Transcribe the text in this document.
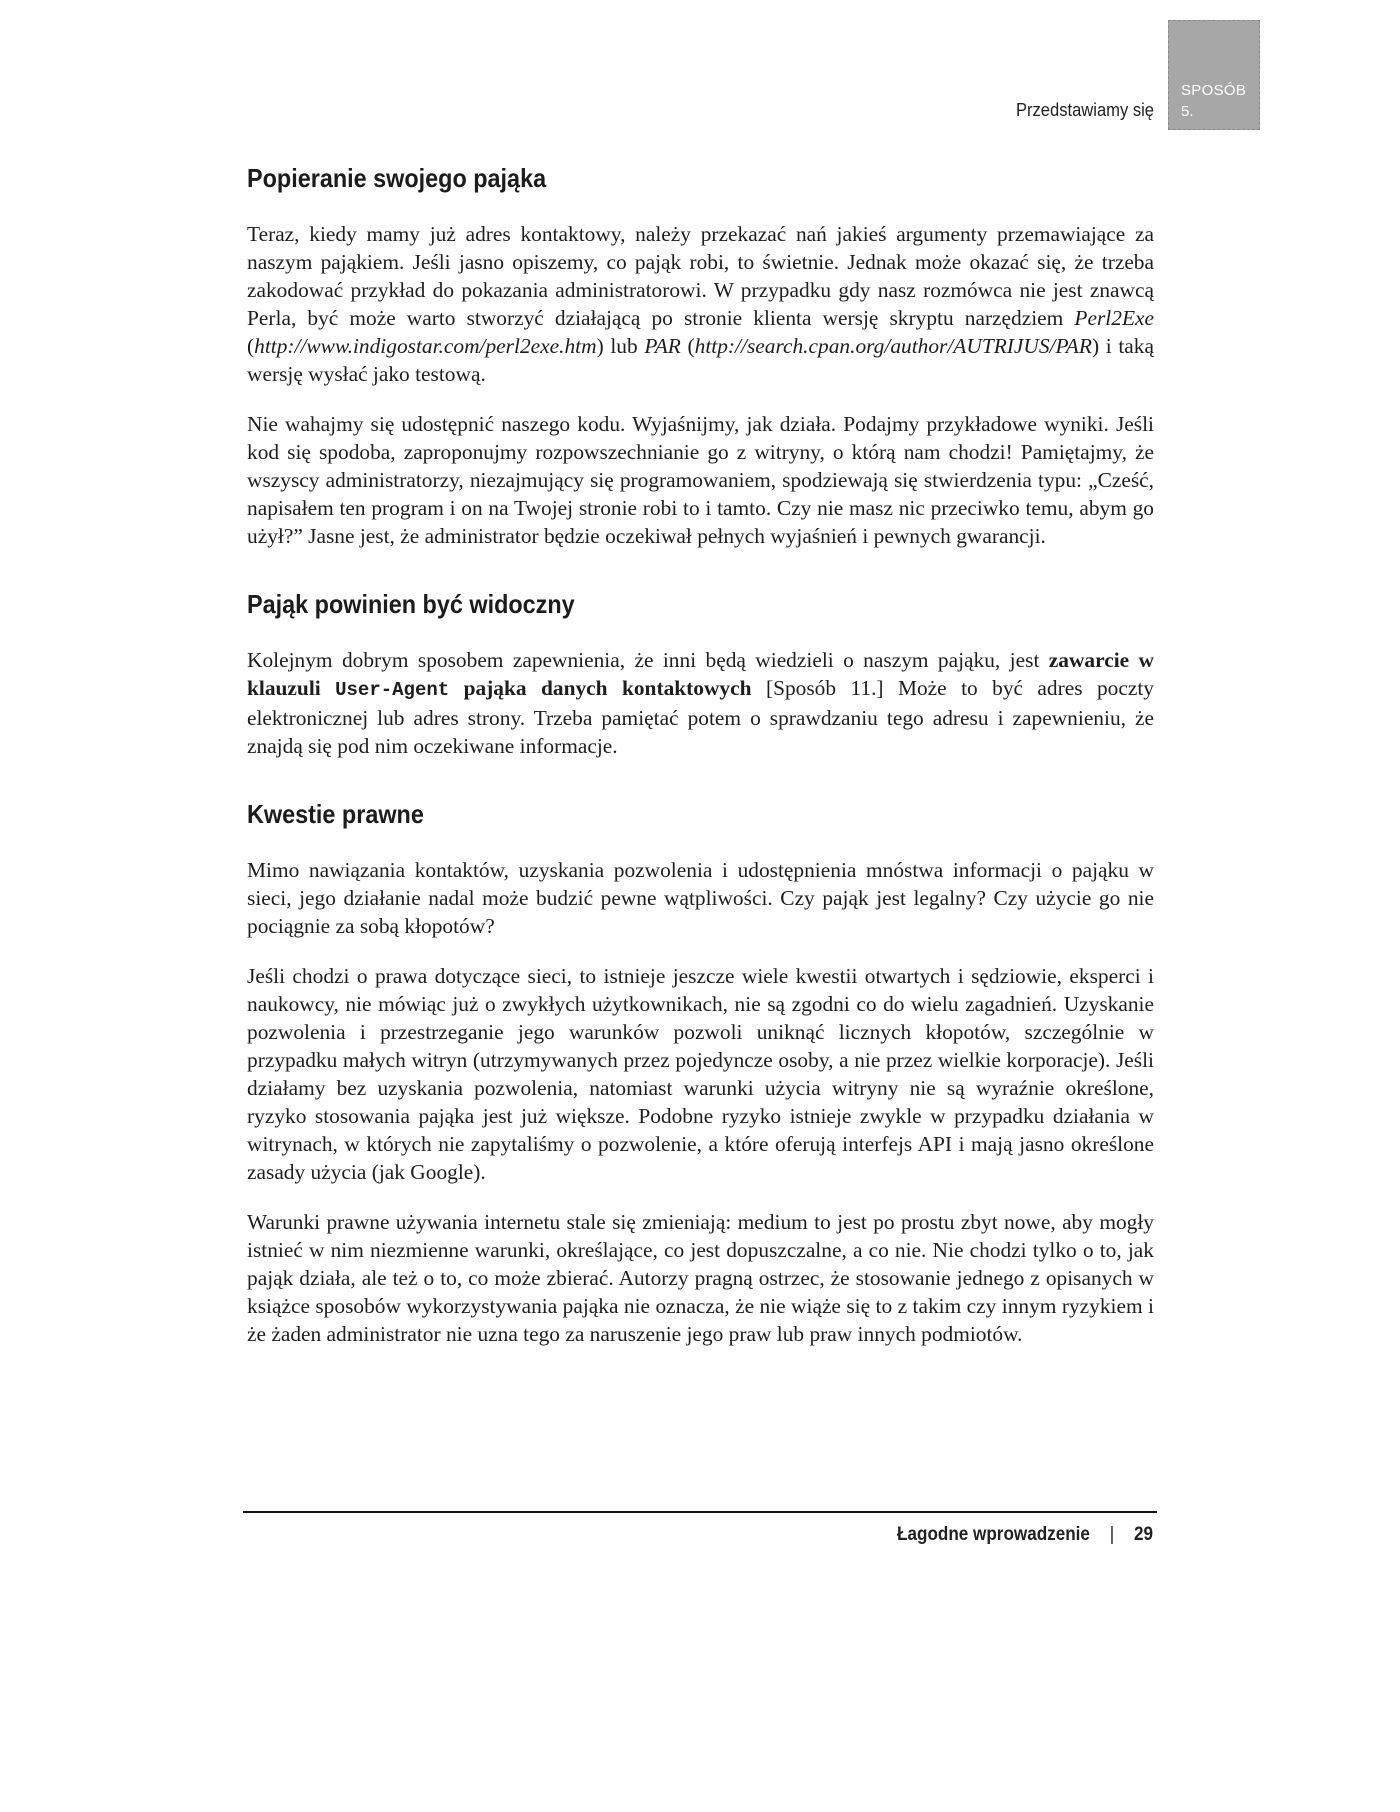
SPOSÓB
5.
Przedstawiamy się
Popieranie swojego pająka

Teraz, kiedy mamy już adres kontaktowy, należy przekazać nań jakieś argumenty przemawiające za naszym pająkiem. Jeśli jasno opiszemy, co pająk robi, to świetnie. Jednak może okazać się, że trzeba zakodować przykład do pokazania administratorowi. W przypadku gdy nasz rozmówca nie jest znawcą Perla, być może warto stworzyć działającą po stronie klienta wersję skryptu narzędziem Perl2Exe (http://www.indigostar.com/perl2exe.htm) lub PAR (http://search.cpan.org/author/AUTRIJUS/PAR) i taką wersję wysłać jako testową.

Nie wahajmy się udostępnić naszego kodu. Wyjaśnijmy, jak działa. Podajmy przykładowe wyniki. Jeśli kod się spodoba, zaproponujmy rozpowszechnianie go z witryny, o którą nam chodzi! Pamiętajmy, że wszyscy administratorzy, niezajmujący się programowaniem, spodziewają się stwierdzenia typu: „Cześć, napisałem ten program i on na Twojej stronie robi to i tamto. Czy nie masz nic przeciwko temu, abym go użył?” Jasne jest, że administrator będzie oczekiwał pełnych wyjaśnień i pewnych gwarancji.

Pająk powinien być widoczny

Kolejnym dobrym sposobem zapewnienia, że inni będą wiedzieli o naszym pająku, jest zawarcie w klauzuli User-Agent pająka danych kontaktowych [Sposób 11.] Może to być adres poczty elektronicznej lub adres strony. Trzeba pamiętać potem o sprawdzaniu tego adresu i zapewnieniu, że znajdą się pod nim oczekiwane informacje.

Kwestie prawne

Mimo nawiązania kontaktów, uzyskania pozwolenia i udostępnienia mnóstwa informacji o pająku w sieci, jego działanie nadal może budzić pewne wątpliwości. Czy pająk jest legalny? Czy użycie go nie pociągnie za sobą kłopotów?

Jeśli chodzi o prawa dotyczące sieci, to istnieje jeszcze wiele kwestii otwartych i sędziowie, eksperci i naukowcy, nie mówiąc już o zwykłych użytkownikach, nie są zgodni co do wielu zagadnień. Uzyskanie pozwolenia i przestrzeganie jego warunków pozwoli uniknąć licznych kłopotów, szczególnie w przypadku małych witryn (utrzymywanych przez pojedyncze osoby, a nie przez wielkie korporacje). Jeśli działamy bez uzyskania pozwolenia, natomiast warunki użycia witryny nie są wyraźnie określone, ryzyko stosowania pająka jest już większe. Podobne ryzyko istnieje zwykle w przypadku działania w witrynach, w których nie zapytaliśmy o pozwolenie, a które oferują interfejs API i mają jasno określone zasady użycia (jak Google).

Warunki prawne używania internetu stale się zmieniają: medium to jest po prostu zbyt nowe, aby mogły istnieć w nim niezmienne warunki, określające, co jest dopuszczalne, a co nie. Nie chodzi tylko o to, jak pająk działa, ale też o to, co może zbierać. Autorzy pragną ostrzec, że stosowanie jednego z opisanych w książce sposobów wykorzystywania pająka nie oznacza, że nie wiąże się to z takim czy innym ryzykiem i że żaden administrator nie uzna tego za naruszenie jego praw lub praw innych podmiotów.

Łagodne wprowadzenie | 29
